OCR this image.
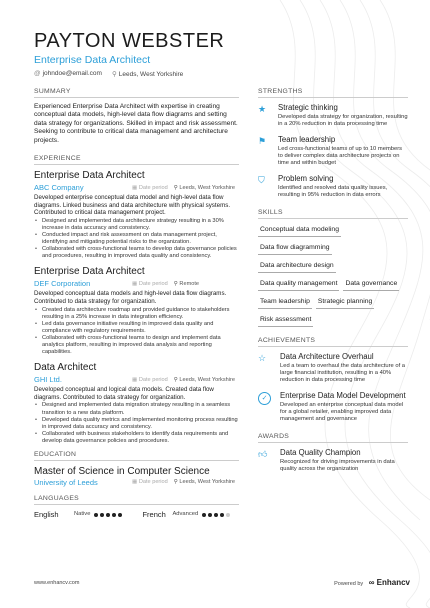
PAYTON WEBSTER
Enterprise Data Architect
@ johndoe@email.com ⚲ Leeds, West Yorkshire
SUMMARY
Experienced Enterprise Data Architect with expertise in creating conceptual data models, high-level data flow diagrams and setting data strategy for organizations. Skilled in impact and risk assessment. Seeking to contribute to critical data management and architecture projects.
EXPERIENCE
Enterprise Data Architect
ABC Company	▦ Date period ⚲ Leeds, West Yorkshire
Developed enterprise conceptual data model and high-level data flow diagrams. Linked business and data architecture with physical systems. Contributed to critical data management project.
• Designed and implemented data architecture strategy resulting in a 30% increase in data accuracy and consistency.
• Conducted impact and risk assessment on data management project, identifying and mitigating potential risks to the organization.
• Collaborated with cross-functional teams to develop data governance policies and procedures, resulting in improved data quality and consistency.
Enterprise Data Architect
DEF Corporation	▦ Date period ⚲ Remote
Developed conceptual data models and high-level data flow diagrams. Contributed to data strategy for organization.
• Created data architecture roadmap and provided guidance to stakeholders resulting in a 25% increase in data integration efficiency.
• Led data governance initiative resulting in improved data quality and compliance with regulatory requirements.
• Collaborated with cross-functional teams to design and implement data analytics platform, resulting in improved data analysis and reporting capabilities.
Data Architect
GHI Ltd.	▦ Date period ⚲ Leeds, West Yorkshire
Developed conceptual and logical data models. Created data flow diagrams. Contributed to data strategy for organization.
• Designed and implemented data migration strategy resulting in a seamless transition to a new data platform.
• Developed data quality metrics and implemented monitoring process resulting in improved data accuracy and consistency.
• Collaborated with business stakeholders to identify data requirements and develop data governance policies and procedures.
EDUCATION
Master of Science in Computer Science
University of Leeds	▦ Date period ⚲ Leeds, West Yorkshire
LANGUAGES
English	Native	French	Advanced
STRENGTHS
★	Strategic thinking
Developed data strategy for organization, resulting in a 20% reduction in data processing time
⚑	Team leadership
Led cross-functional teams of up to 10 members to deliver complex data architecture projects on time and within budget
⛉	Problem solving
Identified and resolved data quality issues, resulting in 95% reduction in data errors
SKILLS
Conceptual data modeling
Data flow diagramming
Data architecture design
Data quality management Data governance
Team leadership Strategic planning
Risk assessment
ACHIEVEMENTS
☆	Data Architecture Overhaul
Led a team to overhaul the data architecture of a large financial institution, resulting in a 40% reduction in data processing time
✓	Enterprise Data Model Development
Developed an enterprise conceptual data model for a global retailer, enabling improved data management and governance
AWARDS
👍︎	Data Quality Champion
Recognized for driving improvements in data quality across the organization
www.enhancv.com	Powered by ∞ Enhancv
